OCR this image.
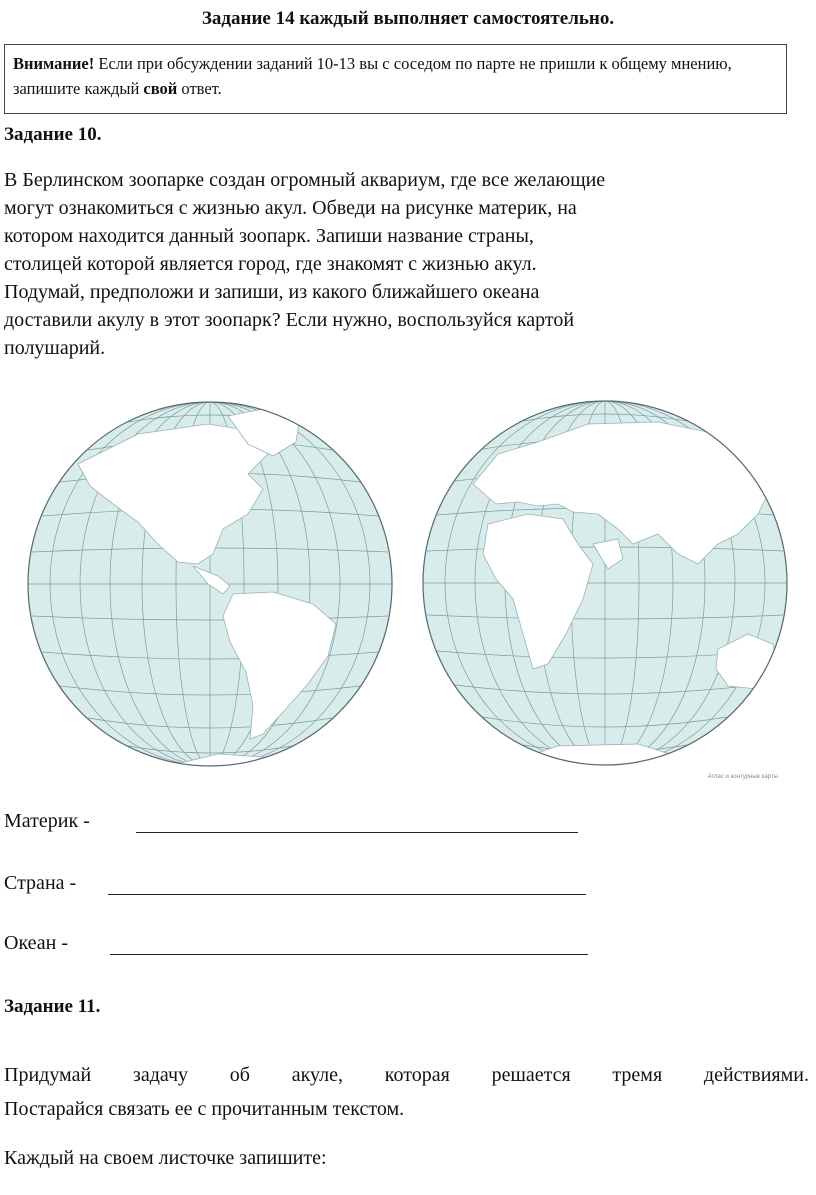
Задание 14 каждый выполняет самостоятельно.
Внимание! Если при обсуждении заданий 10-13 вы с соседом по парте не пришли к общему мнению, запишите каждый свой ответ.
Задание 10.
В Берлинском зоопарке создан огромный аквариум, где все желающие
могут ознакомиться с жизнью акул. Обведи на рисунке материк, на
котором находится данный зоопарк. Запиши название страны,
столицей которой является город, где знакомят с жизнью акул.
Подумай, предположи и запиши, из какого ближайшего океана
доставили акулу в этот зоопарк? Если нужно, воспользуйся картой
полушарий.
Атлас и контурные карты
Материк -
Страна -
Океан -
Задание 11.
Придумай задачу об акуле, которая решается тремя действиями.
Постарайся связать ее с прочитанным текстом.
Каждый на своем листочке запишите:
